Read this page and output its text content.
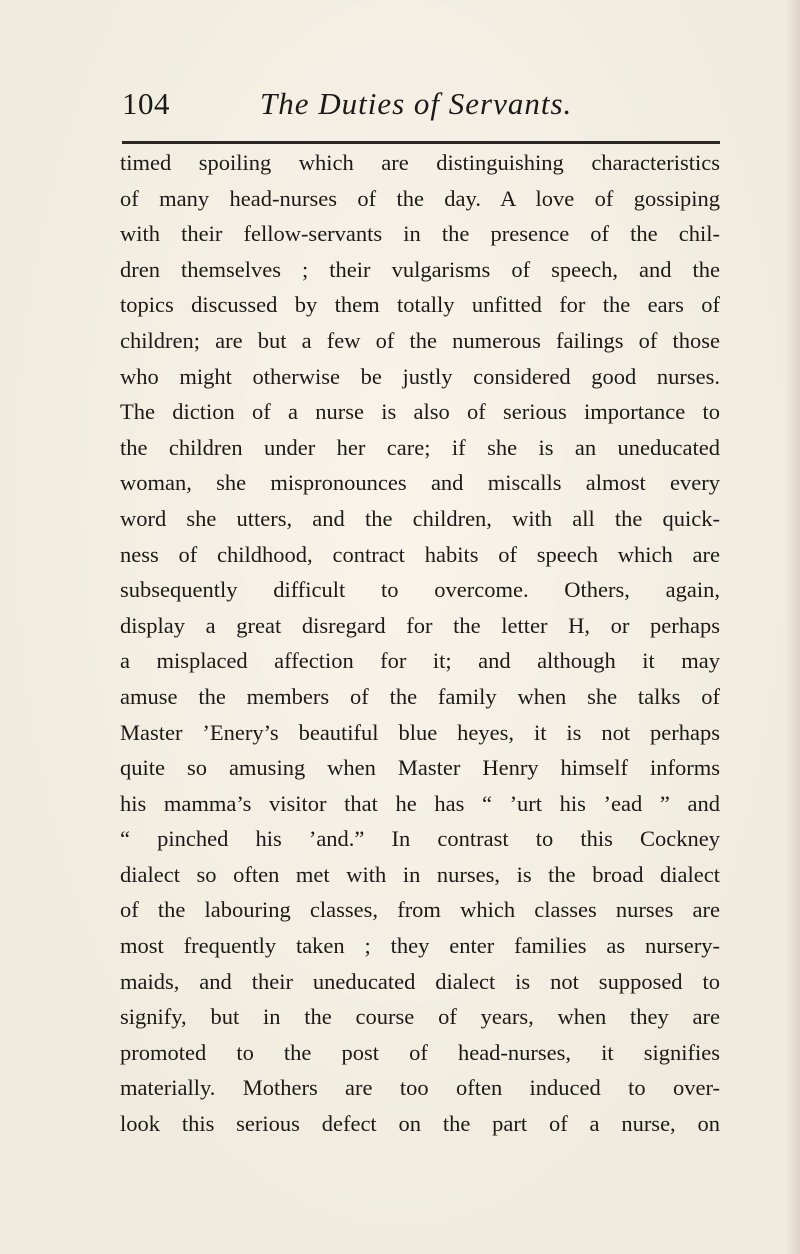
104	The Duties of Servants.
timed spoiling which are distinguishing characteristics
of many head-nurses of the day. A love of gossiping
with their fellow-servants in the presence of the chil-
dren themselves ; their vulgarisms of speech, and the
topics discussed by them totally unfitted for the ears of
children; are but a few of the numerous failings of those
who might otherwise be justly considered good nurses.
The diction of a nurse is also of serious importance to
the children under her care; if she is an uneducated
woman, she mispronounces and miscalls almost every
word she utters, and the children, with all the quick-
ness of childhood, contract habits of speech which are
subsequently difficult to overcome. Others, again,
display a great disregard for the letter H, or perhaps
a misplaced affection for it; and although it may
amuse the members of the family when she talks of
Master ’Enery’s beautiful blue heyes, it is not perhaps
quite so amusing when Master Henry himself informs
his mamma’s visitor that he has “ ’urt his ’ead ” and
“ pinched his ’and.” In contrast to this Cockney
dialect so often met with in nurses, is the broad dialect
of the labouring classes, from which classes nurses are
most frequently taken ; they enter families as nursery-
maids, and their uneducated dialect is not supposed to
signify, but in the course of years, when they are
promoted to the post of head-nurses, it signifies
materially. Mothers are too often induced to over-
look this serious defect on the part of a nurse, on
